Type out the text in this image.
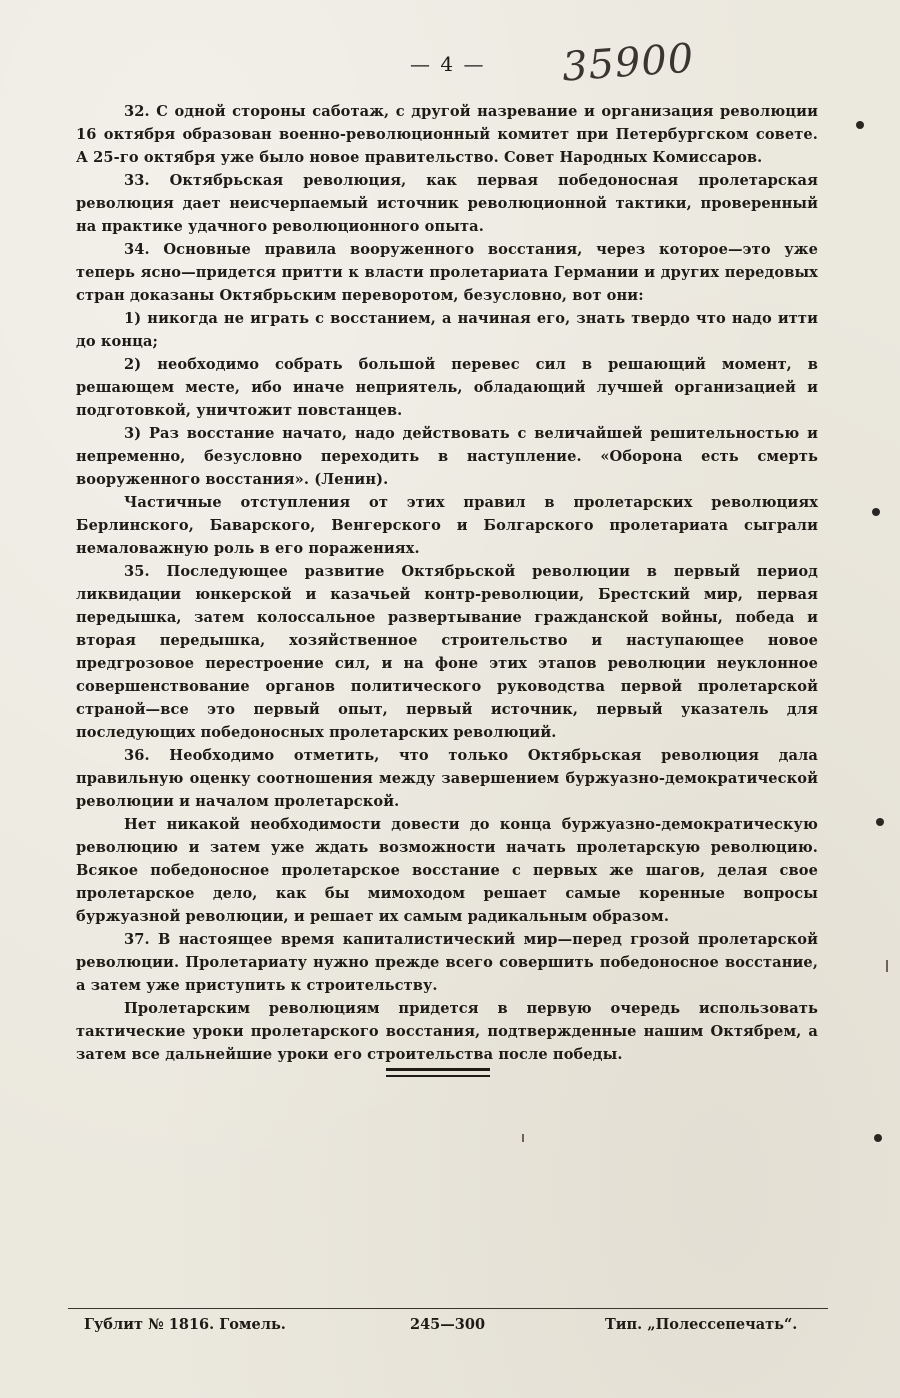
— 4 — 35900

32. С одной стороны саботаж, с другой назревание и организация революции 16 октября образован военно-революционный комитет при Петербургском совете. А 25-го октября уже было новое правительство. Совет Народных Комиссаров.

33. Октябрьская революция, как первая победоносная пролетарская революция дает неисчерпаемый источник революционной тактики, проверенный на практике удачного революционного опыта.

34. Основные правила вооруженного восстания, через которое—это уже теперь ясно—придется притти к власти пролетариата Германии и других передовых стран доказаны Октябрьским переворотом, безусловно, вот они:

1) никогда не играть с восстанием, а начиная его, знать твердо что надо итти до конца;

2) необходимо собрать большой перевес сил в решающий момент, в решающем месте, ибо иначе неприятель, обладающий лучшей организацией и подготовкой, уничтожит повстанцев.

3) Раз восстание начато, надо действовать с величайшей решительностью и непременно, безусловно переходить в наступление. «Оборона есть смерть вооруженного восстания». (Ленин).

Частичные отступления от этих правил в пролетарских революциях Берлинского, Баварского, Венгерского и Болгарского пролетариата сыграли немаловажную роль в его поражениях.

35. Последующее развитие Октябрьской революции в первый период ликвидации юнкерской и казачьей контр-революции, Брестский мир, первая передышка, затем колоссальное развертывание гражданской войны, победа и вторая передышка, хозяйственное строительство и наступающее новое предгрозовое перестроение сил, и на фоне этих этапов революции неуклонное совершенствование органов политического руководства первой пролетарской страной—все это первый опыт, первый источник, первый указатель для последующих победоносных пролетарских революций.

36. Необходимо отметить, что только Октябрьская революция дала правильную оценку соотношения между завершением буржуазно-демократической революции и началом пролетарской.

Нет никакой необходимости довести до конца буржуазно-демократическую революцию и затем уже ждать возможности начать пролетарскую революцию. Всякое победоносное пролетарское восстание с первых же шагов, делая свое пролетарское дело, как бы мимоходом решает самые коренные вопросы буржуазной революции, и решает их самым радикальным образом.

37. В настоящее время капиталистический мир—перед грозой пролетарской революции. Пролетариату нужно прежде всего совершить победоносное восстание, а затем уже приступить к строительству.

Пролетарским революциям придется в первую очередь использовать тактические уроки пролетарского восстания, подтвержденные нашим Октябрем, а затем все дальнейшие уроки его строительства после победы.

Гублит № 1816. Гомель.	245—300	Тип. „Полессепечать“.
